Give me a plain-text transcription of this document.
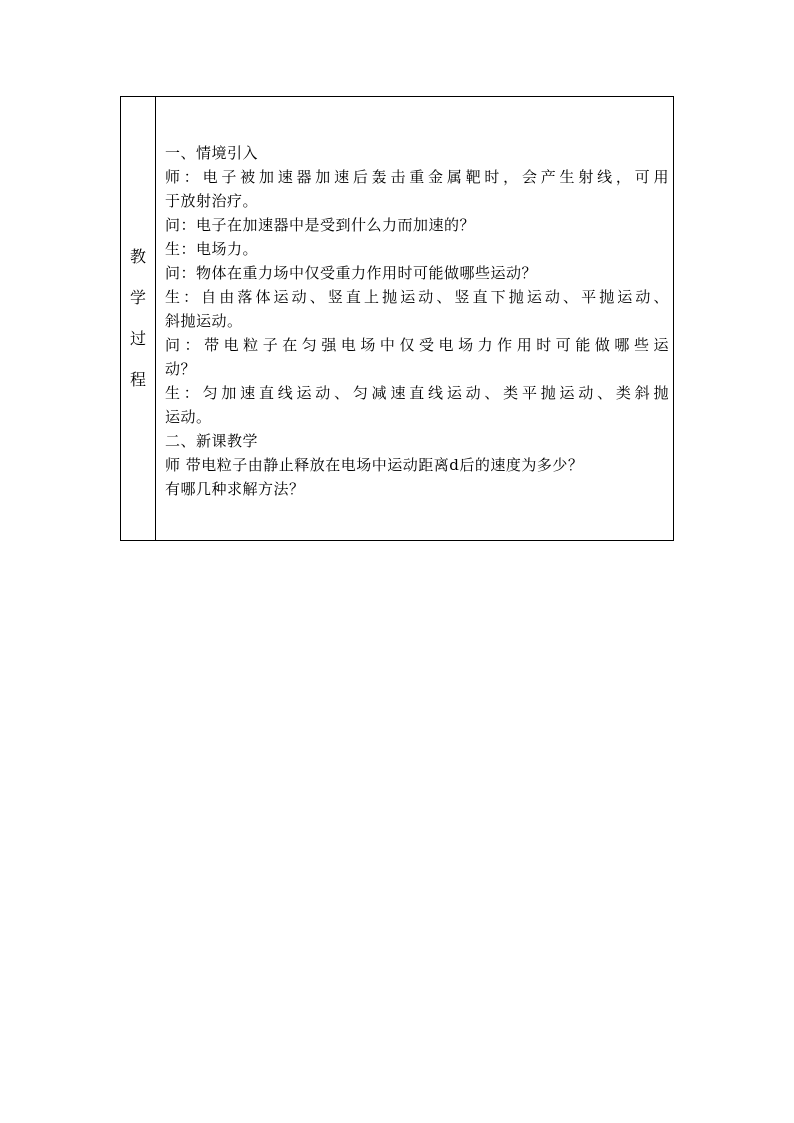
教
学
过
程
一、情境引入
师：电子被加速器加速后轰击重金属靶时，会产生射线，可用
于放射治疗。
问：电子在加速器中是受到什么力而加速的？
生：电场力。
问：物体在重力场中仅受重力作用时可能做哪些运动？
生：自由落体运动、竖直上抛运动、竖直下抛运动、平抛运动、
斜抛运动。
问：带电粒子在匀强电场中仅受电场力作用时可能做哪些运
动？
生：匀加速直线运动、匀减速直线运动、类平抛运动、类斜抛
运动。
二、新课教学
师 带电粒子由静止释放在电场中运动距离d后的速度为多少？
有哪几种求解方法？
